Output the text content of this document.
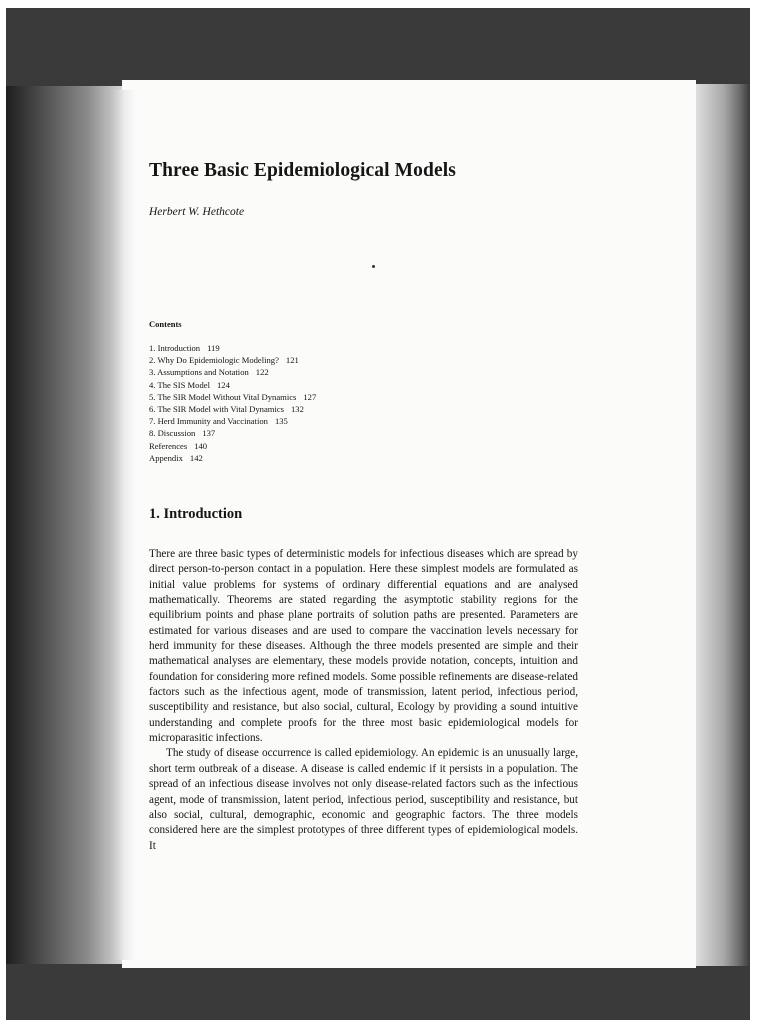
Three Basic Epidemiological Models

Herbert W. Hethcote

Contents
1. Introduction 119
2. Why Do Epidemiologic Modeling? 121
3. Assumptions and Notation 122
4. The SIS Model 124
5. The SIR Model Without Vital Dynamics 127
6. The SIR Model with Vital Dynamics 132
7. Herd Immunity and Vaccination 135
8. Discussion 137
References 140
Appendix 142
1. Introduction

There are three basic types of deterministic models for infectious diseases which are spread by direct person-to-person contact in a population. Here these simplest models are formulated as initial value problems for systems of ordinary differential equations and are analysed mathematically. Theorems are stated regarding the asymptotic stability regions for the equilibrium points and phase plane portraits of solution paths are presented. Parameters are estimated for various diseases and are used to compare the vaccination levels necessary for herd immunity for these diseases. Although the three models presented are simple and their mathematical analyses are elementary, these models provide notation, concepts, intuition and foundation for considering more refined models. Some possible refinements are disease-related factors such as the infectious agent, mode of transmission, latent period, infectious period, susceptibility and resistance, but also social, cultural, Ecology by providing a sound intuitive understanding and complete proofs for the three most basic epidemiological models for microparasitic infections.

The study of disease occurrence is called epidemiology. An epidemic is an unusually large, short term outbreak of a disease. A disease is called endemic if it persists in a population. The spread of an infectious disease involves not only disease-related factors such as the infectious agent, mode of transmission, latent period, infectious period, susceptibility and resistance, but also social, cultural, demographic, economic and geographic factors. The three models considered here are the simplest prototypes of three different types of epidemiological models. It
